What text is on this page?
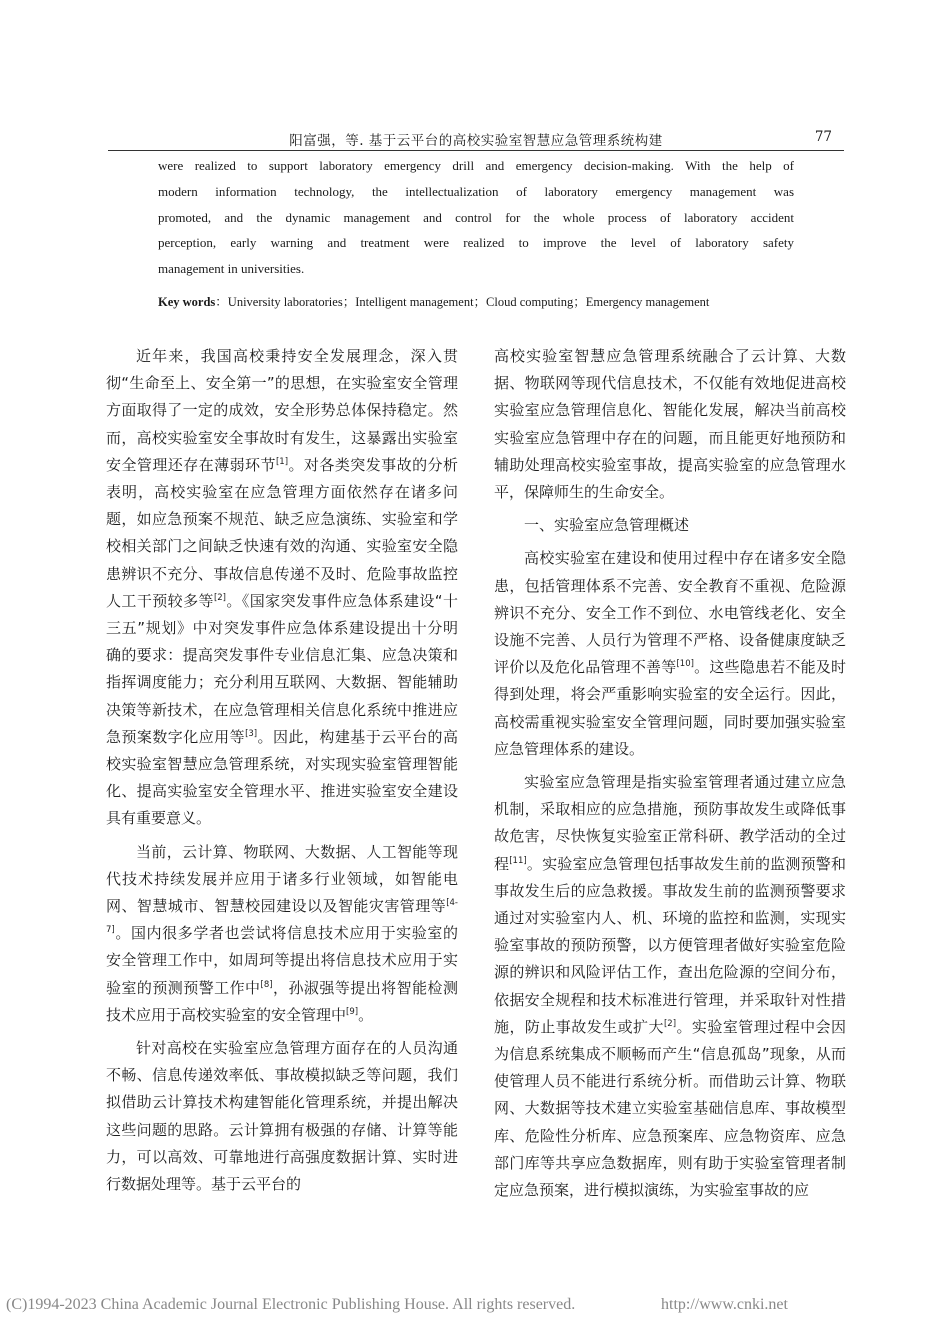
阳富强，等. 基于云平台的高校实验室智慧应急管理系统构建	77
were realized to support laboratory emergency drill and emergency decision-making. With the help of
modern information technology, the intellectualization of laboratory emergency management was
promoted, and the dynamic management and control for the whole process of laboratory accident
perception, early warning and treatment were realized to improve the level of laboratory safety
management in universities.
Key words：University laboratories；Intelligent management；Cloud computing；Emergency management

近年来，我国高校秉持安全发展理念，深入贯彻“生命至上、安全第一”的思想，在实验室安全管理方面取得了一定的成效，安全形势总体保持稳定。然而，高校实验室安全事故时有发生，这暴露出实验室安全管理还存在薄弱环节[1]。对各类突发事故的分析表明，高校实验室在应急管理方面依然存在诸多问题，如应急预案不规范、缺乏应急演练、实验室和学校相关部门之间缺乏快速有效的沟通、实验室安全隐患辨识不充分、事故信息传递不及时、危险事故监控人工干预较多等[2]。《国家突发事件应急体系建设“十三五”规划》中对突发事件应急体系建设提出十分明确的要求：提高突发事件专业信息汇集、应急决策和指挥调度能力；充分利用互联网、大数据、智能辅助决策等新技术，在应急管理相关信息化系统中推进应急预案数字化应用等[3]。因此，构建基于云平台的高校实验室智慧应急管理系统，对实现实验室管理智能化、提高实验室安全管理水平、推进实验室安全建设具有重要意义。

当前，云计算、物联网、大数据、人工智能等现代技术持续发展并应用于诸多行业领域，如智能电网、智慧城市、智慧校园建设以及智能灾害管理等[4-7]。国内很多学者也尝试将信息技术应用于实验室的安全管理工作中，如周珂等提出将信息技术应用于实验室的预测预警工作中[8]，孙淑强等提出将智能检测技术应用于高校实验室的安全管理中[9]。

针对高校在实验室应急管理方面存在的人员沟通不畅、信息传递效率低、事故模拟缺乏等问题，我们拟借助云计算技术构建智能化管理系统，并提出解决这些问题的思路。云计算拥有极强的存储、计算等能力，可以高效、可靠地进行高强度数据计算、实时进行数据处理等。基于云平台的

高校实验室智慧应急管理系统融合了云计算、大数据、物联网等现代信息技术，不仅能有效地促进高校实验室应急管理信息化、智能化发展，解决当前高校实验室应急管理中存在的问题，而且能更好地预防和辅助处理高校实验室事故，提高实验室的应急管理水平，保障师生的生命安全。

一、实验室应急管理概述

高校实验室在建设和使用过程中存在诸多安全隐患，包括管理体系不完善、安全教育不重视、危险源辨识不充分、安全工作不到位、水电管线老化、安全设施不完善、人员行为管理不严格、设备健康度缺乏评价以及危化品管理不善等[10]。这些隐患若不能及时得到处理，将会严重影响实验室的安全运行。因此，高校需重视实验室安全管理问题，同时要加强实验室应急管理体系的建设。

实验室应急管理是指实验室管理者通过建立应急机制，采取相应的应急措施，预防事故发生或降低事故危害，尽快恢复实验室正常科研、教学活动的全过程[11]。实验室应急管理包括事故发生前的监测预警和事故发生后的应急救援。事故发生前的监测预警要求通过对实验室内人、机、环境的监控和监测，实现实验室事故的预防预警，以方便管理者做好实验室危险源的辨识和风险评估工作，查出危险源的空间分布，依据安全规程和技术标准进行管理，并采取针对性措施，防止事故发生或扩大[2]。实验室管理过程中会因为信息系统集成不顺畅而产生“信息孤岛”现象，从而使管理人员不能进行系统分析。而借助云计算、物联网、大数据等技术建立实验室基础信息库、事故模型库、危险性分析库、应急预案库、应急物资库、应急部门库等共享应急数据库，则有助于实验室管理者制定应急预案，进行模拟演练，为实验室事故的应

(C)1994-2023 China Academic Journal Electronic Publishing House. All rights reserved.	http://www.cnki.net
